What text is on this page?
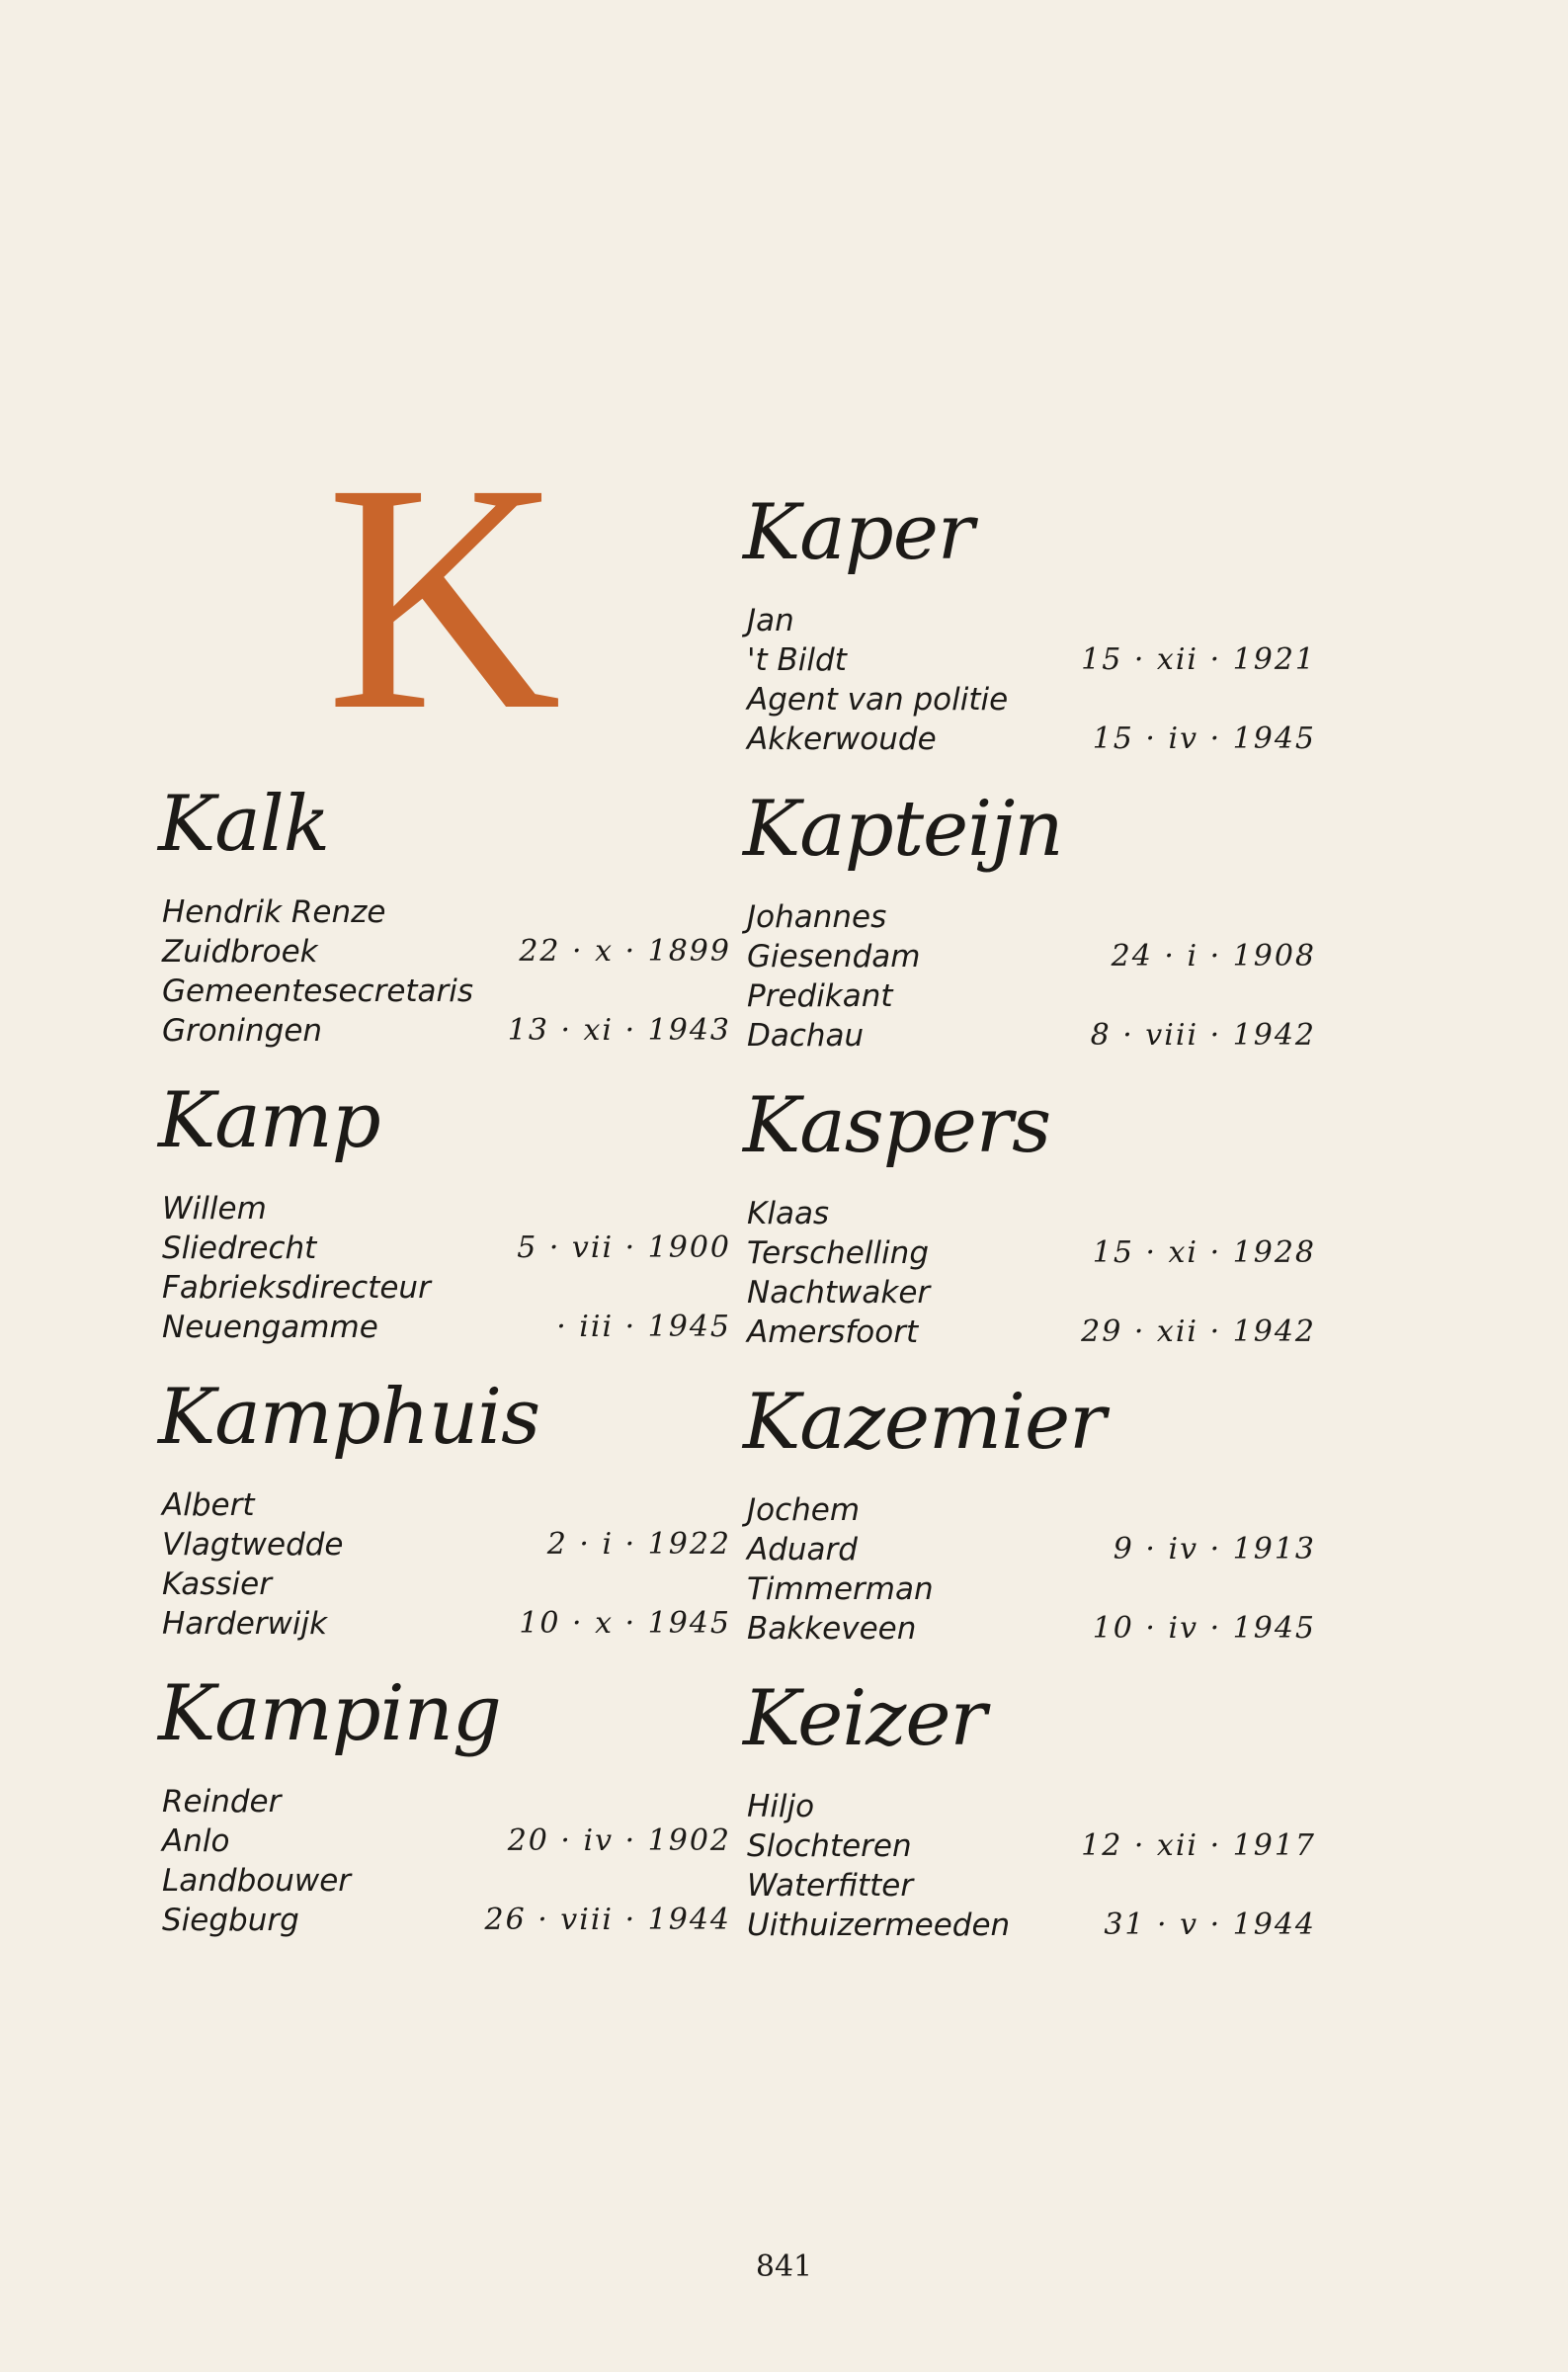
K
Kalk
Hendrik Renze
Zuidbroek	22 · x · 1899
Gemeentesecretaris
Groningen	13 · xi · 1943
Kamp
Willem
Sliedrecht	5 · vii · 1900
Fabrieksdirecteur
Neuengamme	· iii · 1945
Kamphuis
Albert
Vlagtwedde	2 · i · 1922
Kassier
Harderwijk	10 · x · 1945
Kamping
Reinder
Anlo	20 · iv · 1902
Landbouwer
Siegburg	26 · viii · 1944
Kaper
Jan
't Bildt	15 · xii · 1921
Agent van politie
Akkerwoude	15 · iv · 1945
Kapteijn
Johannes
Giesendam	24 · i · 1908
Predikant
Dachau	8 · viii · 1942
Kaspers
Klaas
Terschelling	15 · xi · 1928
Nachtwaker
Amersfoort	29 · xii · 1942
Kazemier
Jochem
Aduard	9 · iv · 1913
Timmerman
Bakkeveen	10 · iv · 1945
Keizer
Hiljo
Slochteren	12 · xii · 1917
Waterfitter
Uithuizermeeden	31 · v · 1944
841
